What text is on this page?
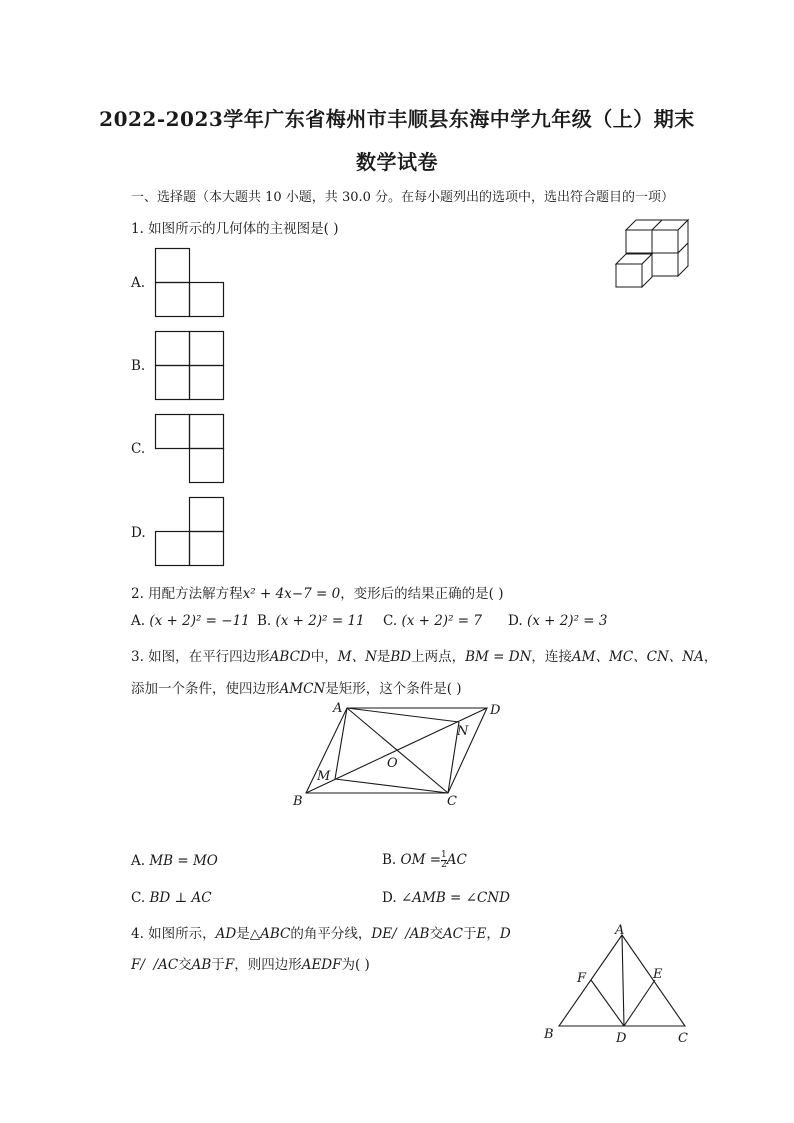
2022-2023学年广东省梅州市丰顺县东海中学九年级（上）期末
数学试卷
一、选择题（本大题共 10 小题，共 30.0 分。在每小题列出的选项中，选出符合题目的一项）
1. 如图所示的几何体的主视图是( )
A.
B.
C.
D.
2. 用配方法解方程x² + 4x−7 = 0，变形后的结果正确的是( )
A. (x + 2)² = −11 B. (x + 2)² = 11 C. (x + 2)² = 7 D. (x + 2)² = 3
3. 如图，在平行四边形ABCD中，M、N是BD上两点，BM = DN，连接AM、MC、CN、NA，
添加一个条件，使四边形AMCN是矩形，这个条件是( )
A	D
B	C
M
N
O
A. MB = MO	B. OM = $\frac{1}{2}$ AC
C. BD ⊥ AC	D. ∠AMB = ∠CND
4. 如图所示，AD是△ABC的角平分线，DE/ /AB交AC于E，D
F/ /AC交AB于F，则四边形AEDF为( )
A
F	E
B	D	C
